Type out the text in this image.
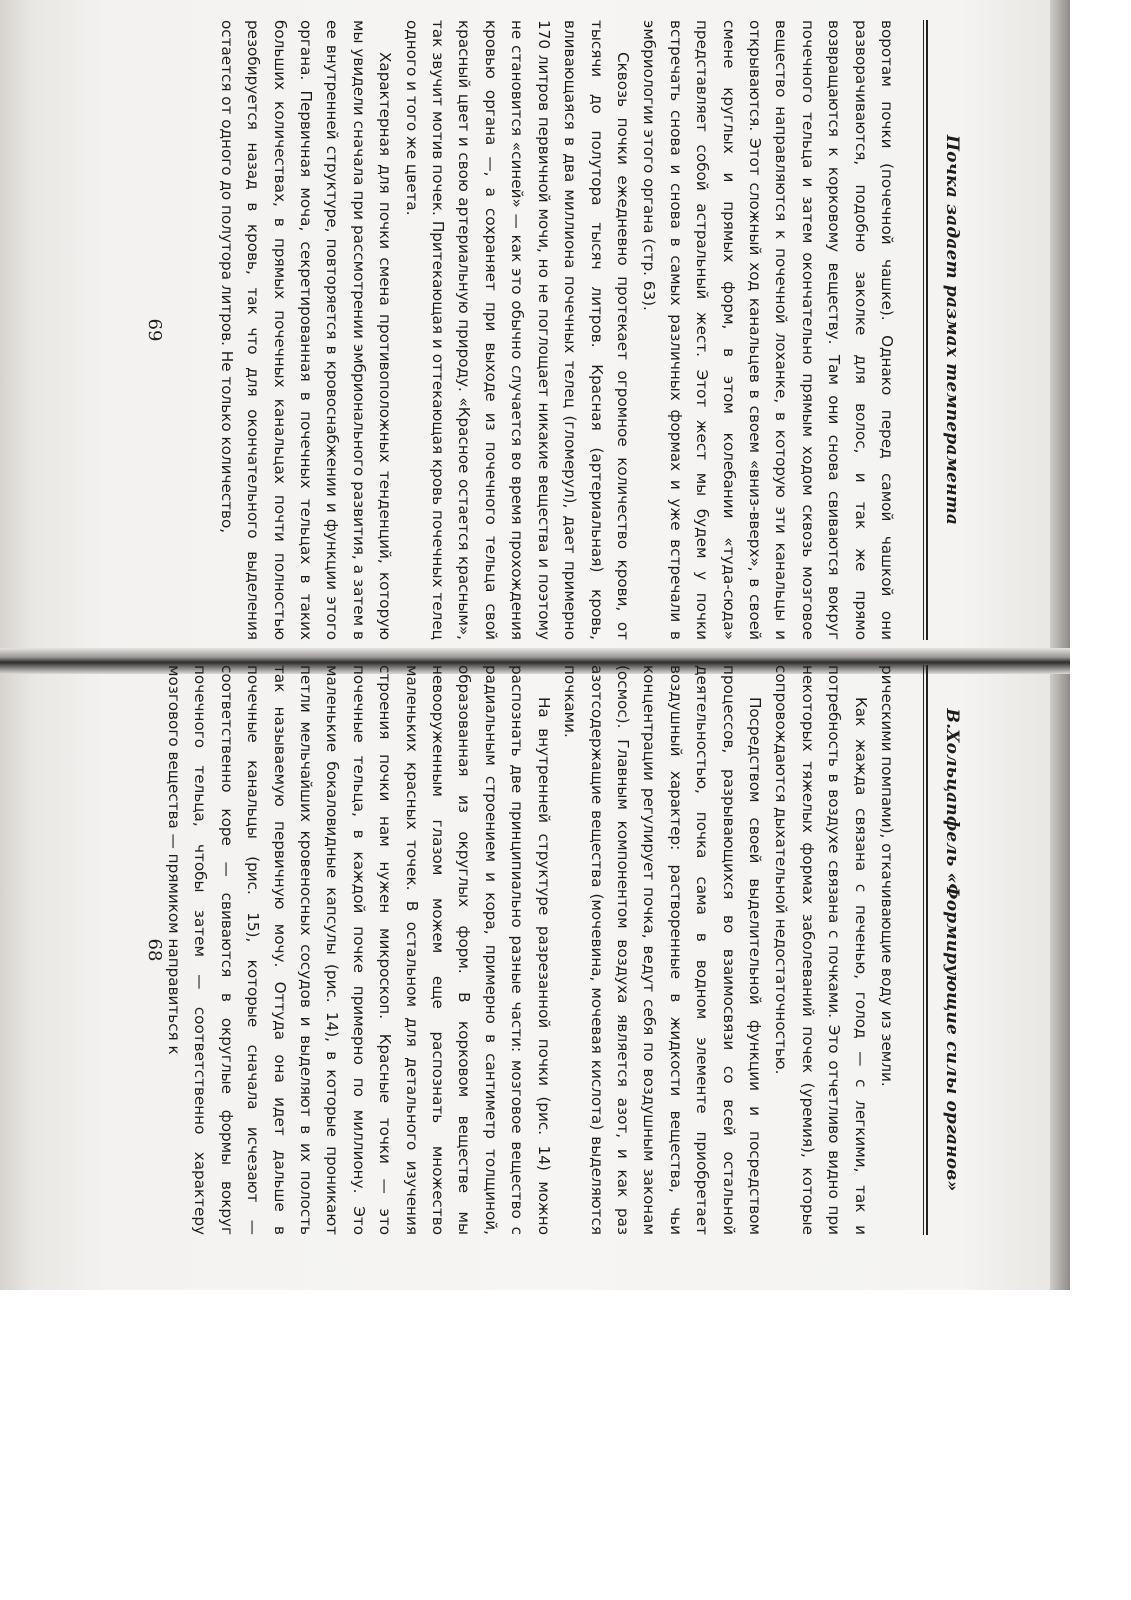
В.Хольцапфель «Формирующие силы органов»

рическими помпами), откачивающие воду из земли.

Как жажда связана с печенью, голод — с легкими, так и потребность в воздухе связана с почками. Это отчетливо видно при некоторых тяжелых формах заболеваний почек (уремия), которые сопровождаются дыхательной недостаточностью.

Посредством своей выделительной функции и посредством процессов, разрывающихся во взаимосвязи со всей остальной деятельностью, почка сама в водном элементе приобретает воздушный характер: растворенные в жидкости вещества, чьи концентрации регулирует почка, ведут себя по воздушным законам (осмос). Главным компонентом воздуха является азот, и как раз азотсодержащие вещества (мочевина, мочевая кислота) выделяются почками.

На внутренней структуре разрезанной почки (рис. 14) можно распознать две принципиально разные части: мозговое вещество с радиальным строением и кора, примерно в сантиметр толщиной, образованная из округлых форм. В корковом веществе мы невооруженным глазом можем еще распознать множество маленьких красных точек. В остальном для детального изучения строения почки нам нужен микроскоп. Красные точки — это почечные тельца, в каждой почке примерно по миллиону. Это маленькие бокаловидные капсулы (рис. 14), в которые проникают петли мельчайших кровеносных сосудов и выделяют в их полость так называемую первичную мочу. Оттуда она идет дальше в почечные канальцы (рис. 15), которые сначала исчезают — соответственно коре — свиваются в округлые формы вокруг почечного тельца, чтобы затем — соответственно характеру мозгового вещества — прямиком направиться к

68
Почка задает размах темперамента

воротам почки (почечной чашке). Однако перед самой чашкой они разворачиваются, подобно заколке для волос, и так же прямо возвращаются к корковому веществу. Там они снова свиваются вокруг почечного тельца и затем окончательно прямым ходом сквозь мозговое вещество направляются к почечной лоханке, в которую эти канальцы и открываются. Этот сложный ход канальцев в своем «вниз-вверх», в своей смене круглых и прямых форм, в этом колебании «туда-сюда» представляет собой астральный жест. Этот жест мы будем у почки встречать снова и снова в самых различных формах и уже встречали в эмбриологии этого органа (стр. 63).

Сквозь почки ежедневно протекает огромное количество крови, от тысячи до полутора тысяч литров. Красная (артериальная) кровь, вливающаяся в два миллиона почечных телец (гломерул), дает примерно 170 литров первичной мочи, но не поглощает никакие вещества и поэтому не становится «синей» — как это обычно случается во время прохождения кровью органа —, а сохраняет при выходе из почечного тельца свой красный цвет и свою артериальную природу. «Красное остается красным», так звучит мотив почек. Притекающая и оттекающая кровь почечных телец одного и того же цвета.

Характерная для почки смена противоположных тенденций, которую мы увидели сначала при рассмотрении эмбрионального развития, а затем в ее внутренней структуре, повторяется в кровоснабжении и функции этого органа. Первичная моча, секретированная в почечных тельцах в таких больших количествах, в прямых почечных канальцах почти полностью резобируется назад в кровь, так что для окончательного выделения остается от одного до полутора литров. Не только количество,

69
